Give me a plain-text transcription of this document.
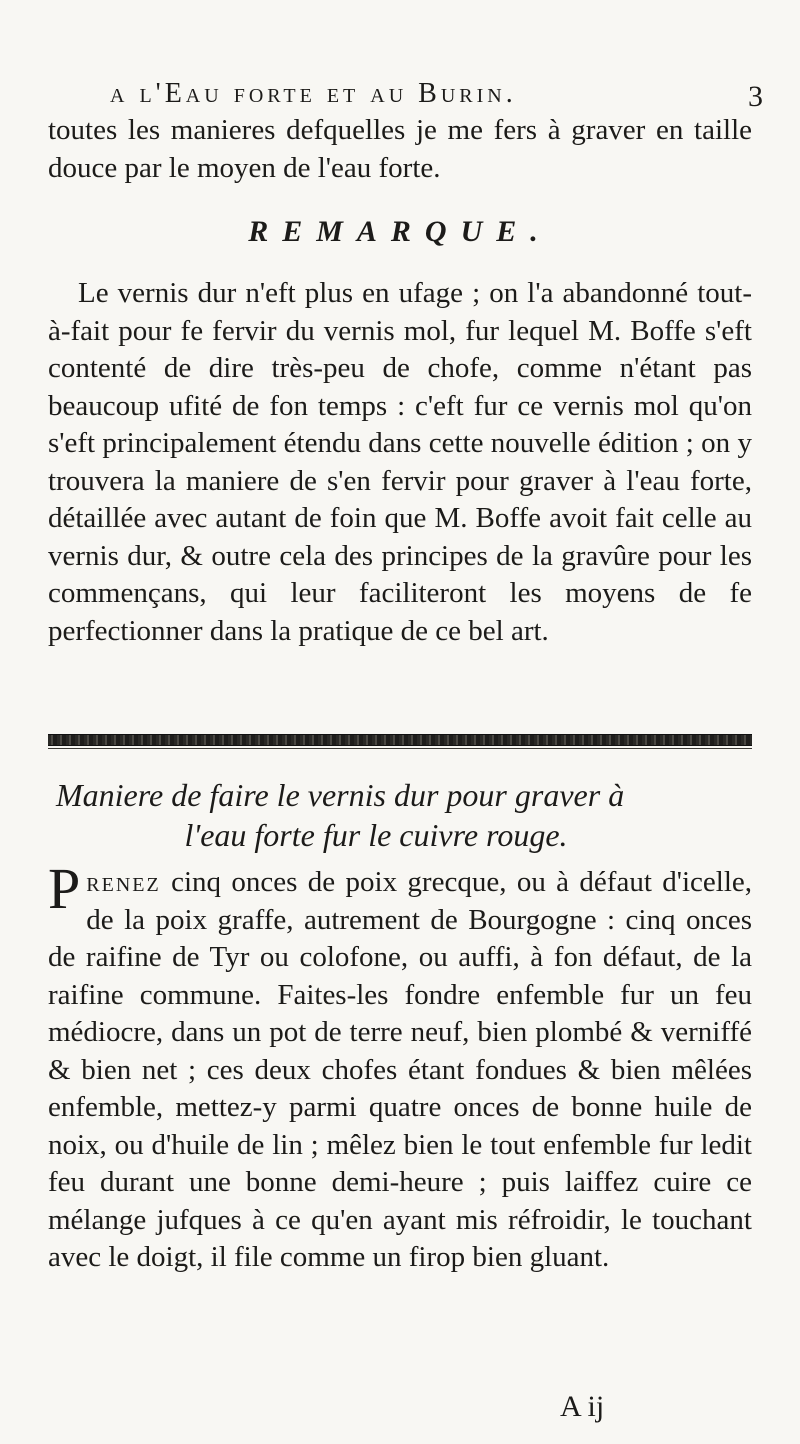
a l'Eau forte et au Burin.	3
toutes les manieres defquelles je me fers à graver en taille douce par le moyen de l'eau forte.
REMARQUE.
Le vernis dur n'eft plus en ufage ; on l'a abandonné tout-à-fait pour fe fervir du vernis mol, fur lequel M. Boffe s'eft contenté de dire très-peu de chofe, comme n'étant pas beaucoup ufité de fon temps : c'eft fur ce vernis mol qu'on s'eft principalement étendu dans cette nouvelle édition ; on y trouvera la maniere de s'en fervir pour graver à l'eau forte, détaillée avec autant de foin que M. Boffe avoit fait celle au vernis dur, & outre cela des principes de la gravûre pour les commençans, qui leur faciliteront les moyens de fe perfectionner dans la pratique de ce bel art.
Maniere de faire le vernis dur pour graver à
l'eau forte fur le cuivre rouge.
Prenez cinq onces de poix grecque, ou à défaut d'icelle, de la poix graffe, autrement de Bourgogne : cinq onces de raifine de Tyr ou colofone, ou auffi, à fon défaut, de la raifine commune. Faites-les fondre enfemble fur un feu médiocre, dans un pot de terre neuf, bien plombé & verniffé & bien net ; ces deux chofes étant fondues & bien mêlées enfemble, mettez-y parmi quatre onces de bonne huile de noix, ou d'huile de lin ; mêlez bien le tout enfemble fur ledit feu durant une bonne demi-heure ; puis laiffez cuire ce mélange jufques à ce qu'en ayant mis réfroidir, le touchant avec le doigt, il file comme un firop bien gluant.
A ij
